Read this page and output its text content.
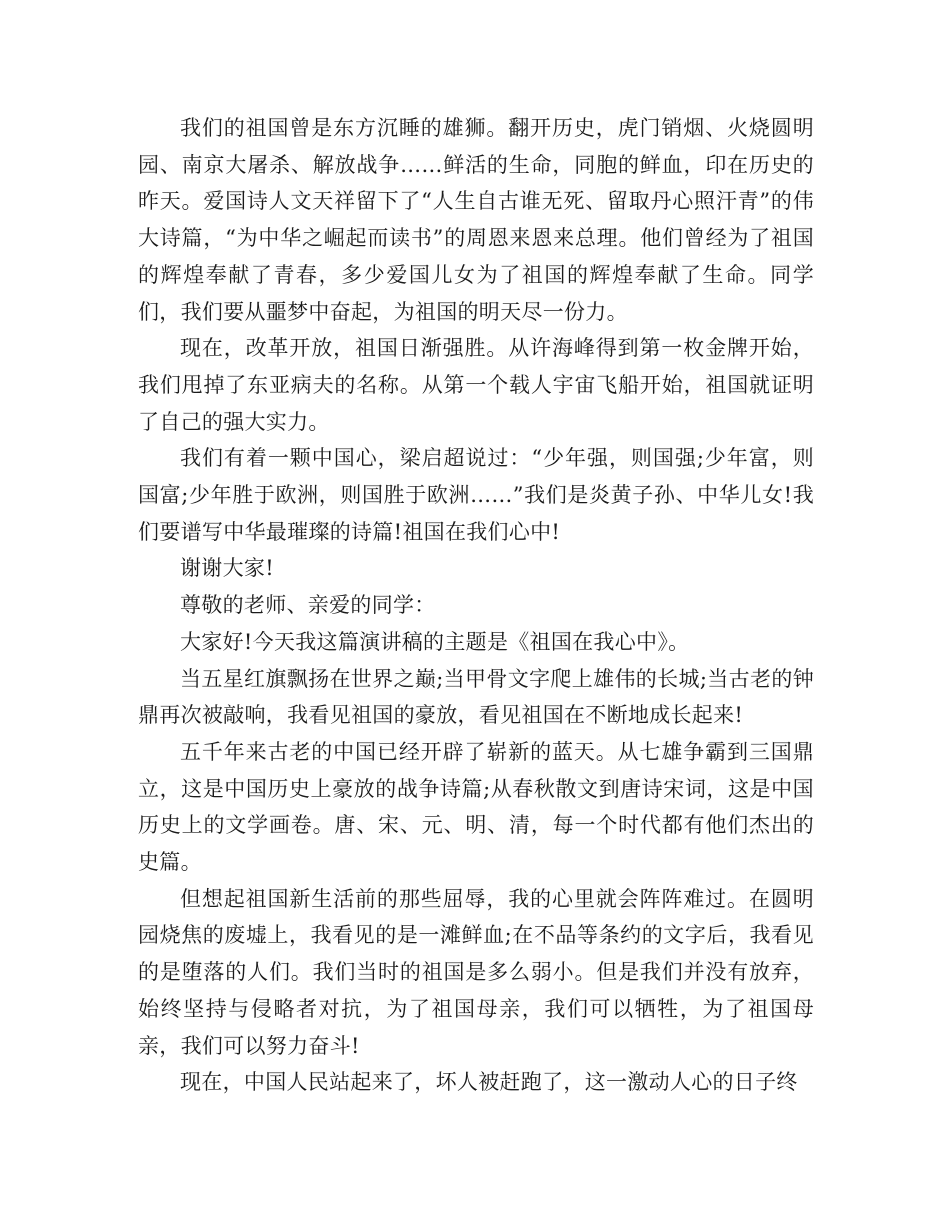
我们的祖国曾是东方沉睡的雄狮。翻开历史，虎门销烟、火烧圆明园、南京大屠杀、解放战争……鲜活的生命，同胞的鲜血，印在历史的昨天。爱国诗人文天祥留下了“人生自古谁无死、留取丹心照汗青”的伟大诗篇，“为中华之崛起而读书”的周恩来恩来总理。他们曾经为了祖国的辉煌奉献了青春，多少爱国儿女为了祖国的辉煌奉献了生命。同学们，我们要从噩梦中奋起，为祖国的明天尽一份力。

现在，改革开放，祖国日渐强胜。从许海峰得到第一枚金牌开始，我们甩掉了东亚病夫的名称。从第一个载人宇宙飞船开始，祖国就证明了自己的强大实力。

我们有着一颗中国心，梁启超说过：“少年强，则国强;少年富，则国富;少年胜于欧洲，则国胜于欧洲……”我们是炎黄子孙、中华儿女!我们要谱写中华最璀璨的诗篇!祖国在我们心中!

谢谢大家!

尊敬的老师、亲爱的同学：

大家好!今天我这篇演讲稿的主题是《祖国在我心中》。

当五星红旗飘扬在世界之巅;当甲骨文字爬上雄伟的长城;当古老的钟鼎再次被敲响，我看见祖国的豪放，看见祖国在不断地成长起来!

五千年来古老的中国已经开辟了崭新的蓝天。从七雄争霸到三国鼎立，这是中国历史上豪放的战争诗篇;从春秋散文到唐诗宋词，这是中国历史上的文学画卷。唐、宋、元、明、清，每一个时代都有他们杰出的史篇。

但想起祖国新生活前的那些屈辱，我的心里就会阵阵难过。在圆明园烧焦的废墟上，我看见的是一滩鲜血;在不品等条约的文字后，我看见的是堕落的人们。我们当时的祖国是多么弱小。但是我们并没有放弃，始终坚持与侵略者对抗，为了祖国母亲，我们可以牺牲，为了祖国母亲，我们可以努力奋斗!

现在，中国人民站起来了，坏人被赶跑了，这一激动人心的日子终
